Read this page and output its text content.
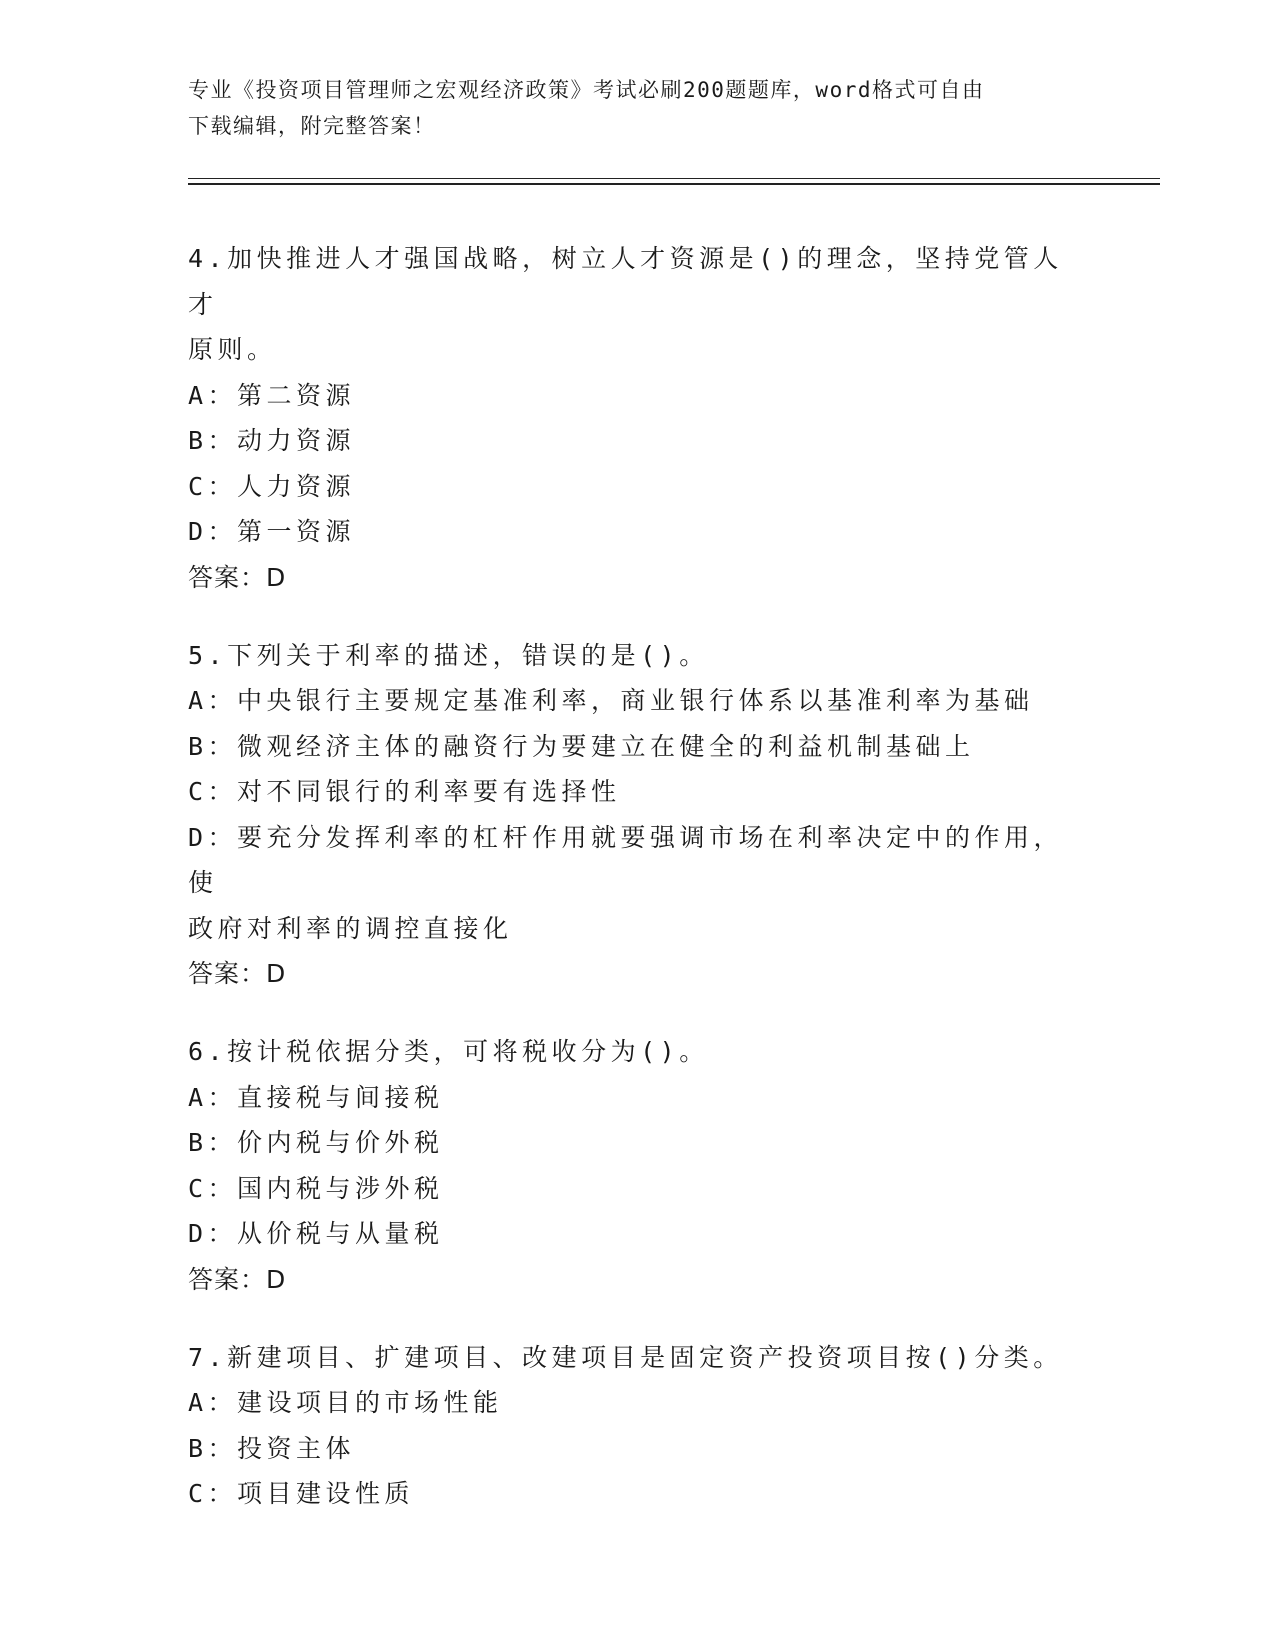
专业《投资项目管理师之宏观经济政策》考试必刷200题题库，word格式可自由
下载编辑，附完整答案！
4.加快推进人才强国战略，树立人才资源是()的理念，坚持党管人才
原则。
A：第二资源
B：动力资源
C：人力资源
D：第一资源
答案：D
5.下列关于利率的描述，错误的是()。
A：中央银行主要规定基准利率，商业银行体系以基准利率为基础
B：微观经济主体的融资行为要建立在健全的利益机制基础上
C：对不同银行的利率要有选择性
D：要充分发挥利率的杠杆作用就要强调市场在利率决定中的作用，使
政府对利率的调控直接化
答案：D
6.按计税依据分类，可将税收分为()。
A：直接税与间接税
B：价内税与价外税
C：国内税与涉外税
D：从价税与从量税
答案：D
7.新建项目、扩建项目、改建项目是固定资产投资项目按()分类。
A：建设项目的市场性能
B：投资主体
C：项目建设性质
